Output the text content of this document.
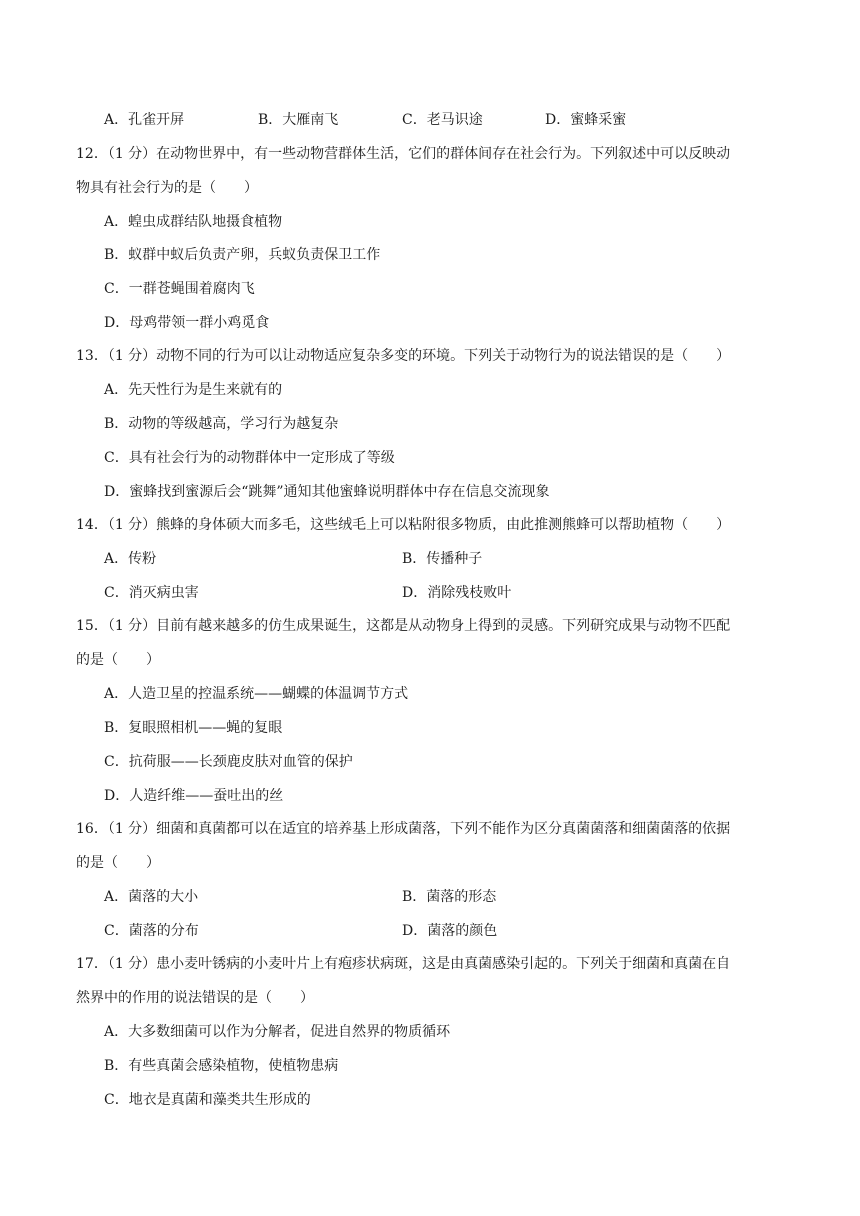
A．孔雀开屏	B．大雁南飞	C．老马识途	D．蜜蜂采蜜
12．（1 分）在动物世界中，有一些动物营群体生活，它们的群体间存在社会行为。下列叙述中可以反映动
物具有社会行为的是（　　）
A．蝗虫成群结队地摄食植物
B．蚁群中蚁后负责产卵，兵蚁负责保卫工作
C．一群苍蝇围着腐肉飞
D．母鸡带领一群小鸡觅食
13．（1 分）动物不同的行为可以让动物适应复杂多变的环境。下列关于动物行为的说法错误的是（　　）
A．先天性行为是生来就有的
B．动物的等级越高，学习行为越复杂
C．具有社会行为的动物群体中一定形成了等级
D．蜜蜂找到蜜源后会“跳舞”通知其他蜜蜂说明群体中存在信息交流现象
14．（1 分）熊蜂的身体硕大而多毛，这些绒毛上可以粘附很多物质，由此推测熊蜂可以帮助植物（　　）
A．传粉	B．传播种子
C．消灭病虫害	D．消除残枝败叶
15．（1 分）目前有越来越多的仿生成果诞生，这都是从动物身上得到的灵感。下列研究成果与动物不匹配
的是（　　）
A．人造卫星的控温系统——蝴蝶的体温调节方式
B．复眼照相机——蝇的复眼
C．抗荷服——长颈鹿皮肤对血管的保护
D．人造纤维——蚕吐出的丝
16．（1 分）细菌和真菌都可以在适宜的培养基上形成菌落，下列不能作为区分真菌菌落和细菌菌落的依据
的是（　　）
A．菌落的大小	B．菌落的形态
C．菌落的分布	D．菌落的颜色
17．（1 分）患小麦叶锈病的小麦叶片上有疱疹状病斑，这是由真菌感染引起的。下列关于细菌和真菌在自
然界中的作用的说法错误的是（　　）
A．大多数细菌可以作为分解者，促进自然界的物质循环
B．有些真菌会感染植物，使植物患病
C．地衣是真菌和藻类共生形成的
